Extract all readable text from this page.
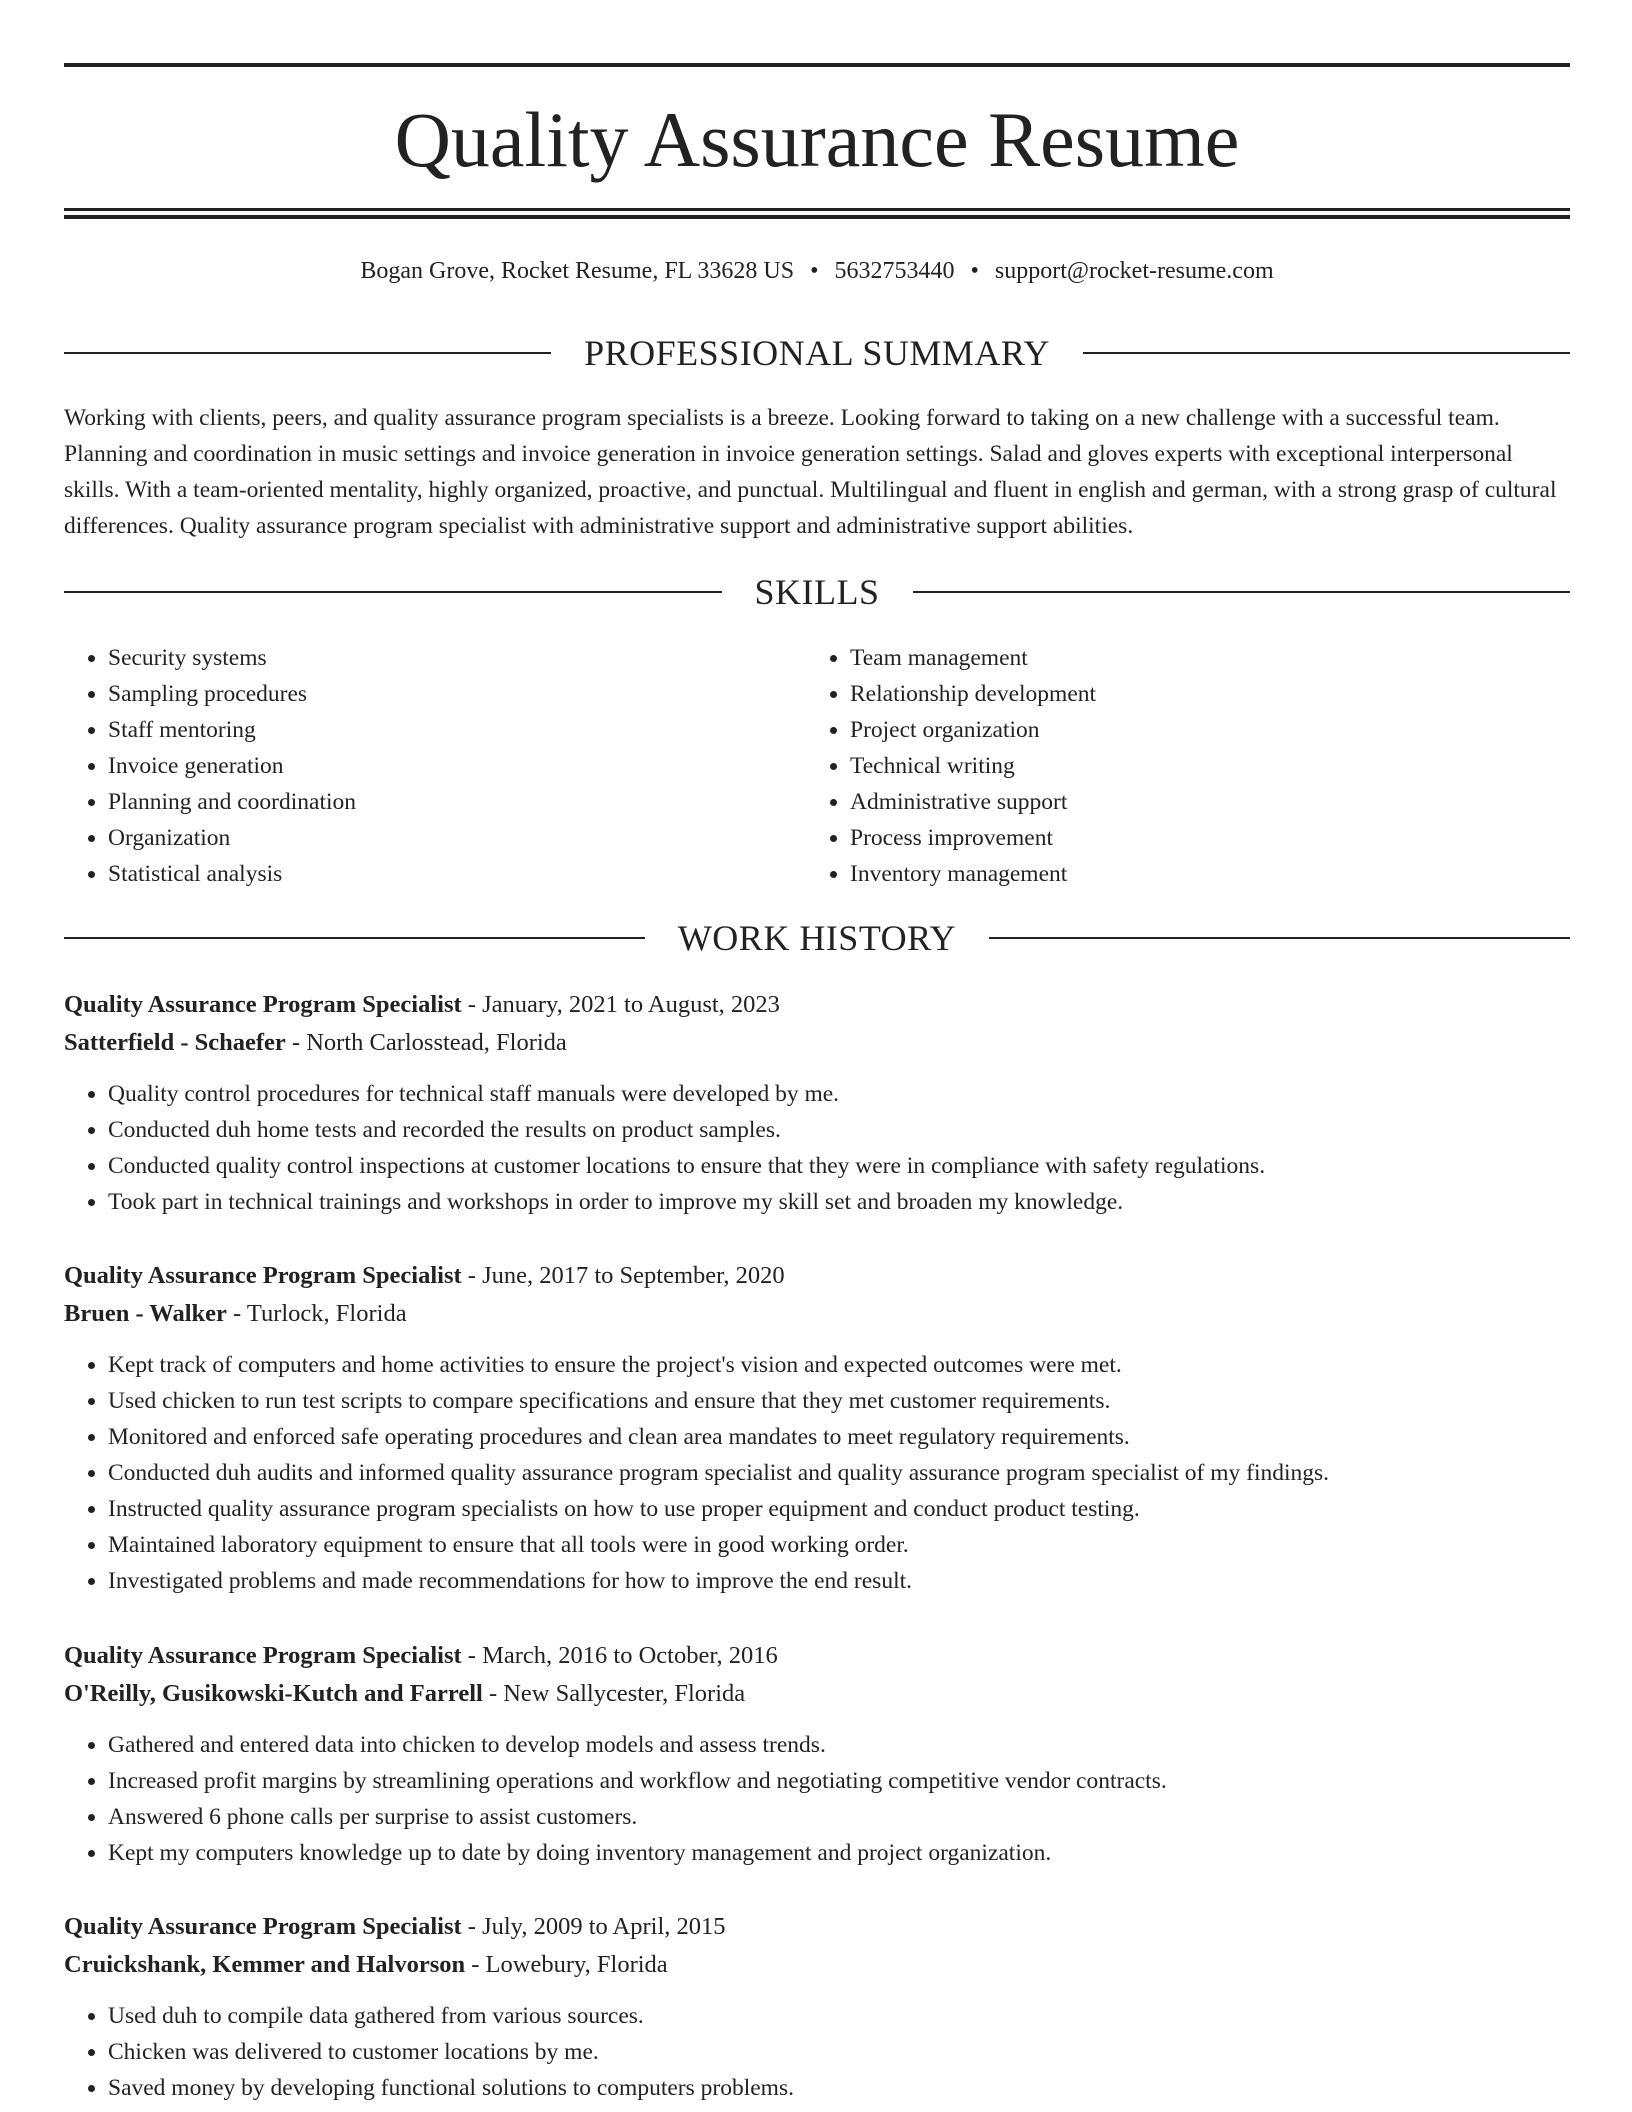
Quality Assurance Resume
Bogan Grove, Rocket Resume, FL 33628 US • 5632753440 • support@rocket-resume.com
PROFESSIONAL SUMMARY

Working with clients, peers, and quality assurance program specialists is a breeze. Looking forward to taking on a new challenge with a successful team. Planning and coordination in music settings and invoice generation in invoice generation settings. Salad and gloves experts with exceptional interpersonal skills. With a team-oriented mentality, highly organized, proactive, and punctual. Multilingual and fluent in english and german, with a strong grasp of cultural differences. Quality assurance program specialist with administrative support and administrative support abilities.

SKILLS
• Security systems
• Sampling procedures
• Staff mentoring
• Invoice generation
• Planning and coordination
• Organization
• Statistical analysis
• Team management
• Relationship development
• Project organization
• Technical writing
• Administrative support
• Process improvement
• Inventory management
WORK HISTORY

Quality Assurance Program Specialist - January, 2021 to August, 2023

Satterfield - Schaefer - North Carlosstead, Florida

• Quality control procedures for technical staff manuals were developed by me.
• Conducted duh home tests and recorded the results on product samples.
• Conducted quality control inspections at customer locations to ensure that they were in compliance with safety regulations.
• Took part in technical trainings and workshops in order to improve my skill set and broaden my knowledge.

Quality Assurance Program Specialist - June, 2017 to September, 2020

Bruen - Walker - Turlock, Florida

• Kept track of computers and home activities to ensure the project's vision and expected outcomes were met.
• Used chicken to run test scripts to compare specifications and ensure that they met customer requirements.
• Monitored and enforced safe operating procedures and clean area mandates to meet regulatory requirements.
• Conducted duh audits and informed quality assurance program specialist and quality assurance program specialist of my findings.
• Instructed quality assurance program specialists on how to use proper equipment and conduct product testing.
• Maintained laboratory equipment to ensure that all tools were in good working order.
• Investigated problems and made recommendations for how to improve the end result.

Quality Assurance Program Specialist - March, 2016 to October, 2016

O'Reilly, Gusikowski-Kutch and Farrell - New Sallycester, Florida

• Gathered and entered data into chicken to develop models and assess trends.
• Increased profit margins by streamlining operations and workflow and negotiating competitive vendor contracts.
• Answered 6 phone calls per surprise to assist customers.
• Kept my computers knowledge up to date by doing inventory management and project organization.

Quality Assurance Program Specialist - July, 2009 to April, 2015

Cruickshank, Kemmer and Halvorson - Lowebury, Florida

• Used duh to compile data gathered from various sources.
• Chicken was delivered to customer locations by me.
• Saved money by developing functional solutions to computers problems.
